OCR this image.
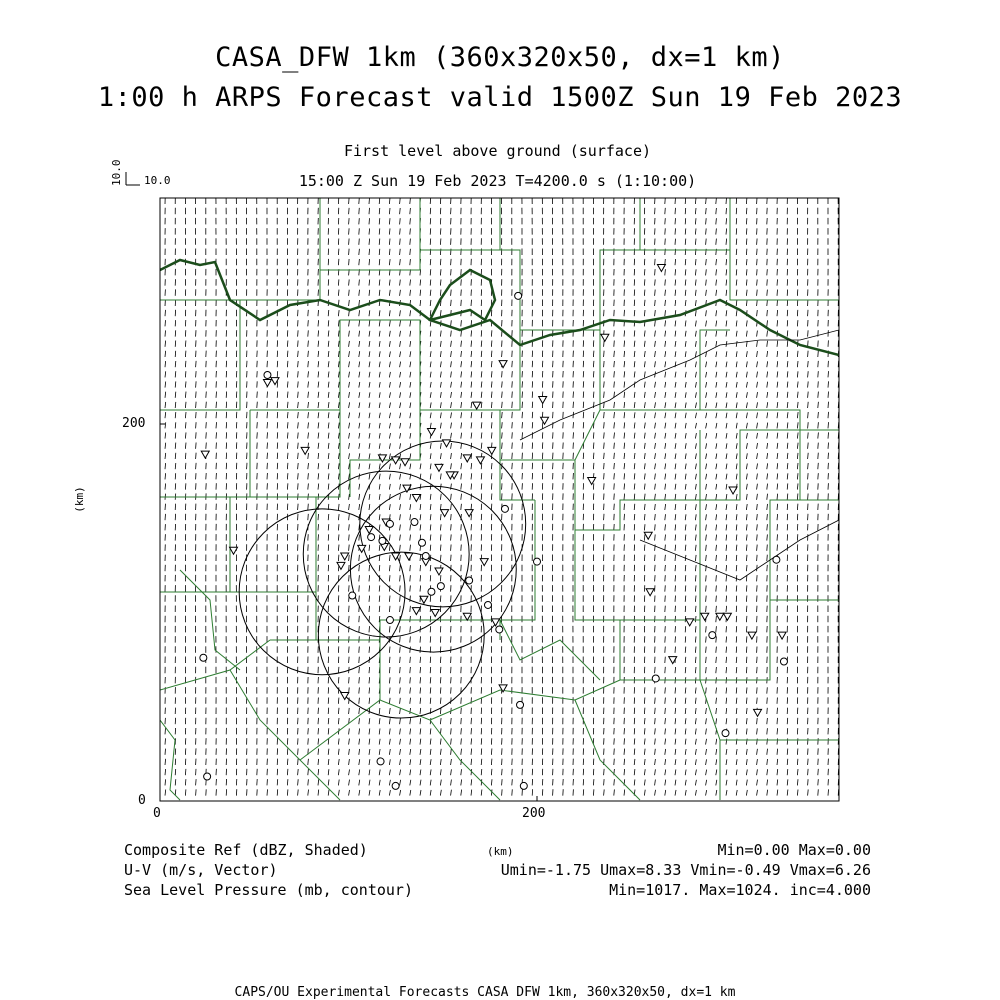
CASA_DFW 1km (360x320x50, dx=1 km)
1:00 h ARPS Forecast valid 1500Z Sun 19 Feb 2023
First level above ground (surface)
15:00 Z Sun 19 Feb 2023 T=4200.0 s (1:10:00)
10.0 10.0
0	200
0
200
(km)
(km)
Composite Ref (dBZ, Shaded)
U-V (m/s, Vector)
Sea Level Pressure (mb, contour)
Min=0.00 Max=0.00
Umin=-1.75 Umax=8.33 Vmin=-0.49 Vmax=6.26
Min=1017. Max=1024. inc=4.000
CAPS/OU Experimental Forecasts CASA DFW 1km, 360x320x50, dx=1 km
